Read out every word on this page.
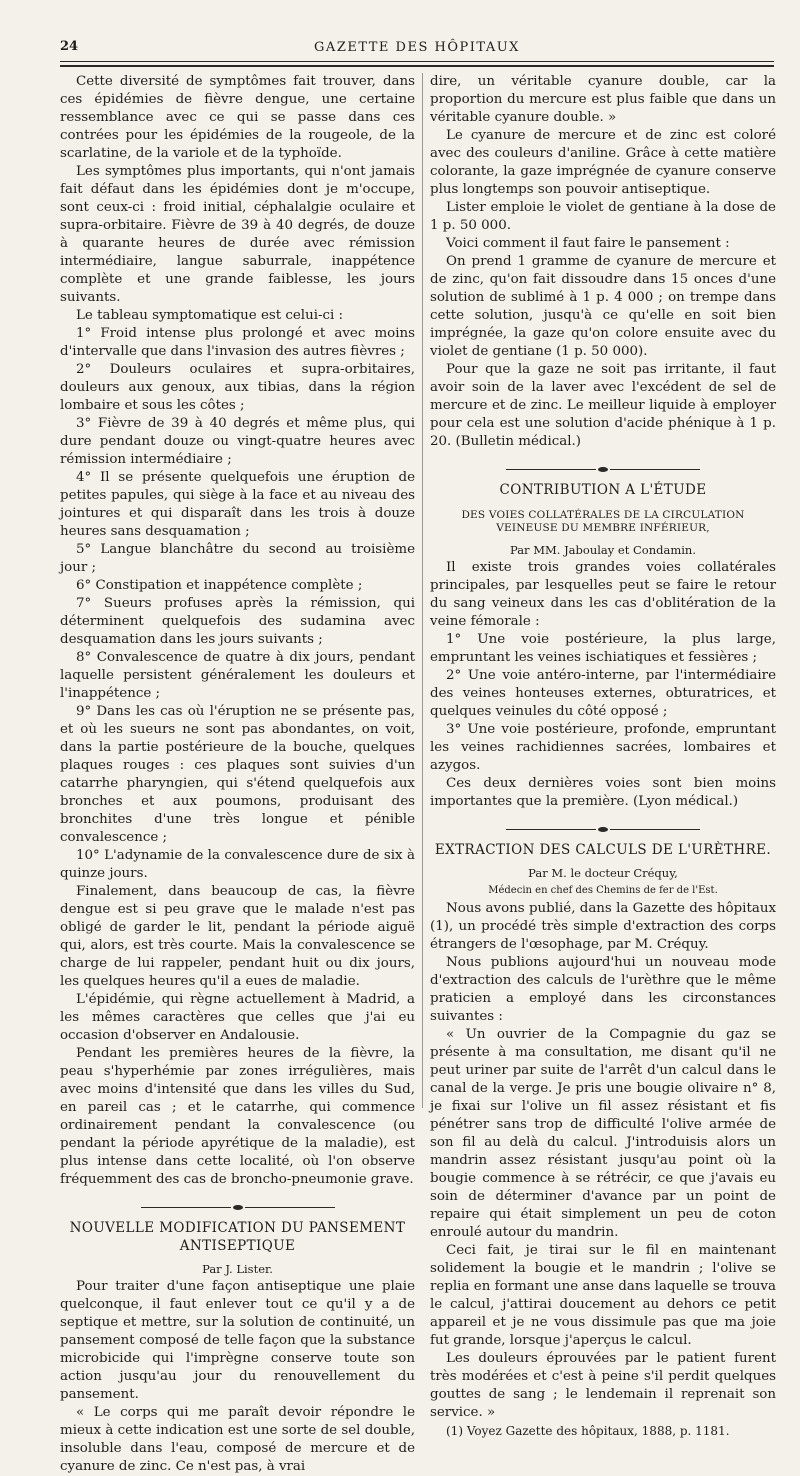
24	GAZETTE DES HÔPITAUX

Cette diversité de symptômes fait trouver, dans ces épidémies de fièvre dengue, une certaine ressemblance avec ce qui se passe dans ces contrées pour les épidémies de la rougeole, de la scarlatine, de la variole et de la typhoïde.

Les symptômes plus importants, qui n'ont jamais fait défaut dans les épidémies dont je m'occupe, sont ceux-ci : froid initial, céphalalgie oculaire et supra-orbitaire. Fièvre de 39 à 40 degrés, de douze à quarante heures de durée avec rémission intermédiaire, langue saburrale, inappétence complète et une grande faiblesse, les jours suivants.

Le tableau symptomatique est celui-ci :

1° Froid intense plus prolongé et avec moins d'intervalle que dans l'invasion des autres fièvres ;

2° Douleurs oculaires et supra-orbitaires, douleurs aux genoux, aux tibias, dans la région lombaire et sous les côtes ;

3° Fièvre de 39 à 40 degrés et même plus, qui dure pendant douze ou vingt-quatre heures avec rémission intermédiaire ;

4° Il se présente quelquefois une éruption de petites papules, qui siège à la face et au niveau des jointures et qui disparaît dans les trois à douze heures sans desquamation ;

5° Langue blanchâtre du second au troisième jour ;

6° Constipation et inappétence complète ;

7° Sueurs profuses après la rémission, qui déterminent quelquefois des sudamina avec desquamation dans les jours suivants ;

8° Convalescence de quatre à dix jours, pendant laquelle persistent généralement les douleurs et l'inappétence ;

9° Dans les cas où l'éruption ne se présente pas, et où les sueurs ne sont pas abondantes, on voit, dans la partie postérieure de la bouche, quelques plaques rouges : ces plaques sont suivies d'un catarrhe pharyngien, qui s'étend quelquefois aux bronches et aux poumons, produisant des bronchites d'une très longue et pénible convalescence ;

10° L'adynamie de la convalescence dure de six à quinze jours.

Finalement, dans beaucoup de cas, la fièvre dengue est si peu grave que le malade n'est pas obligé de garder le lit, pendant la période aiguë qui, alors, est très courte. Mais la convalescence se charge de lui rappeler, pendant huit ou dix jours, les quelques heures qu'il a eues de maladie.

L'épidémie, qui règne actuellement à Madrid, a les mêmes caractères que celles que j'ai eu occasion d'observer en Andalousie.

Pendant les premières heures de la fièvre, la peau s'hyperhémie par zones irrégulières, mais avec moins d'intensité que dans les villes du Sud, en pareil cas ; et le catarrhe, qui commence ordinairement pendant la convalescence (ou pendant la période apyrétique de la maladie), est plus intense dans cette localité, où l'on observe fréquemment des cas de broncho-pneumonie grave.

NOUVELLE MODIFICATION DU PANSEMENT ANTISEPTIQUE

Par J. Lister.

Pour traiter d'une façon antiseptique une plaie quelconque, il faut enlever tout ce qu'il y a de septique et mettre, sur la solution de continuité, un pansement composé de telle façon que la substance microbicide qui l'imprègne conserve toute son action jusqu'au jour du renouvellement du pansement.

« Le corps qui me paraît devoir répondre le mieux à cette indication est une sorte de sel double, insoluble dans l'eau, composé de mercure et de cyanure de zinc. Ce n'est pas, à vrai

dire, un véritable cyanure double, car la proportion du mercure est plus faible que dans un véritable cyanure double. »

Le cyanure de mercure et de zinc est coloré avec des couleurs d'aniline. Grâce à cette matière colorante, la gaze imprégnée de cyanure conserve plus longtemps son pouvoir antiseptique.

Lister emploie le violet de gentiane à la dose de 1 p. 50 000.

Voici comment il faut faire le pansement :

On prend 1 gramme de cyanure de mercure et de zinc, qu'on fait dissoudre dans 15 onces d'une solution de sublimé à 1 p. 4 000 ; on trempe dans cette solution, jusqu'à ce qu'elle en soit bien imprégnée, la gaze qu'on colore ensuite avec du violet de gentiane (1 p. 50 000).

Pour que la gaze ne soit pas irritante, il faut avoir soin de la laver avec l'excédent de sel de mercure et de zinc. Le meilleur liquide à employer pour cela est une solution d'acide phénique à 1 p. 20. (Bulletin médical.)

CONTRIBUTION A L'ÉTUDE
DES VOIES COLLATÉRALES DE LA CIRCULATION VEINEUSE DU MEMBRE INFÉRIEUR,

Par MM. Jaboulay et Condamin.

Il existe trois grandes voies collatérales principales, par lesquelles peut se faire le retour du sang veineux dans les cas d'oblitération de la veine fémorale :

1° Une voie postérieure, la plus large, empruntant les veines ischiatiques et fessières ;

2° Une voie antéro-interne, par l'intermédiaire des veines honteuses externes, obturatrices, et quelques veinules du côté opposé ;

3° Une voie postérieure, profonde, empruntant les veines rachidiennes sacrées, lombaires et azygos.

Ces deux dernières voies sont bien moins importantes que la première. (Lyon médical.)

EXTRACTION DES CALCULS DE L'URÈTHRE.

Par M. le docteur Créquy,

Médecin en chef des Chemins de fer de l'Est.

Nous avons publié, dans la Gazette des hôpitaux (1), un procédé très simple d'extraction des corps étrangers de l'œsophage, par M. Créquy.

Nous publions aujourd'hui un nouveau mode d'extraction des calculs de l'urèthre que le même praticien a employé dans les circonstances suivantes :

« Un ouvrier de la Compagnie du gaz se présente à ma consultation, me disant qu'il ne peut uriner par suite de l'arrêt d'un calcul dans le canal de la verge. Je pris une bougie olivaire n° 8, je fixai sur l'olive un fil assez résistant et fis pénétrer sans trop de difficulté l'olive armée de son fil au delà du calcul. J'introduisis alors un mandrin assez résistant jusqu'au point où la bougie commence à se rétrécir, ce que j'avais eu soin de déterminer d'avance par un point de repaire qui était simplement un peu de coton enroulé autour du mandrin.

Ceci fait, je tirai sur le fil en maintenant solidement la bougie et le mandrin ; l'olive se replia en formant une anse dans laquelle se trouva le calcul, j'attirai doucement au dehors ce petit appareil et je ne vous dissimule pas que ma joie fut grande, lorsque j'aperçus le calcul.

Les douleurs éprouvées par le patient furent très modérées et c'est à peine s'il perdit quelques gouttes de sang ; le lendemain il reprenait son service. »

(1) Voyez Gazette des hôpitaux, 1888, p. 1181.
